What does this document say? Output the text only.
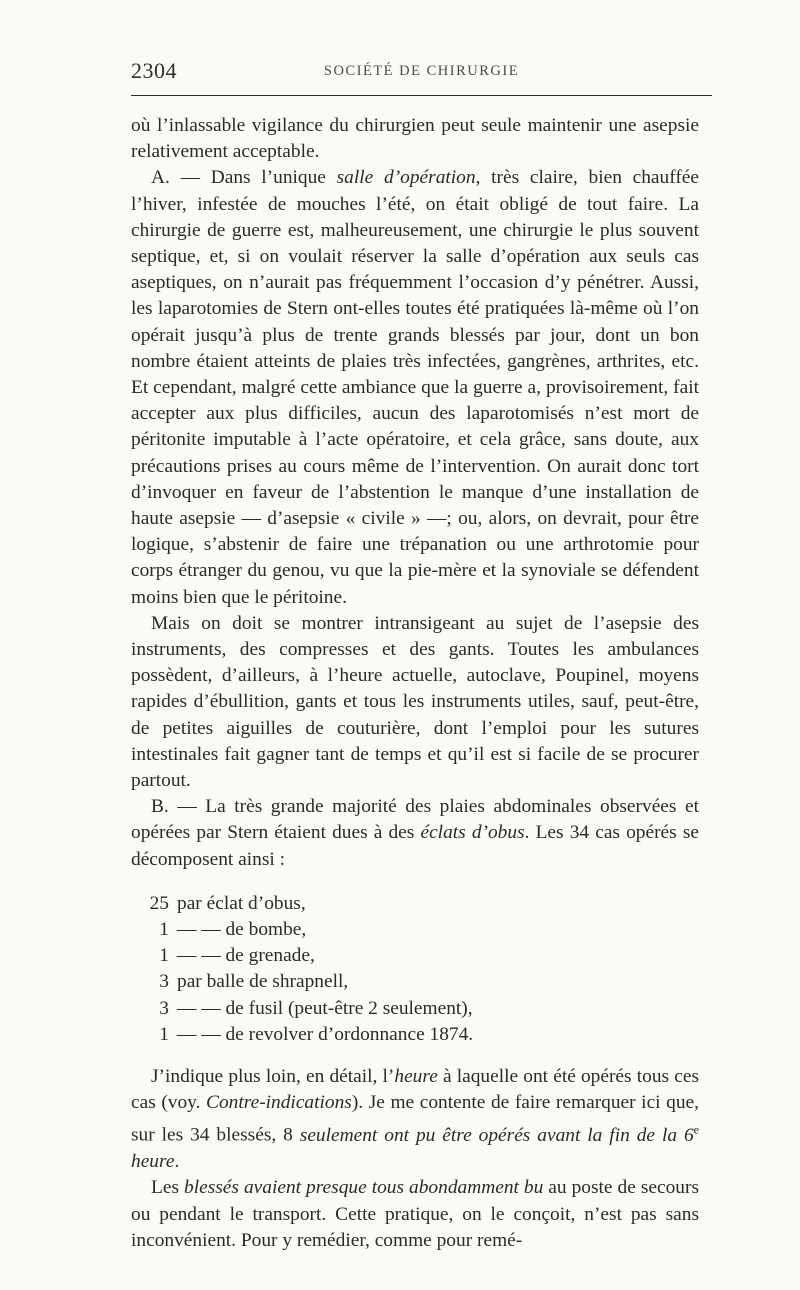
2304	SOCIÉTÉ DE CHIRURGIE

où l’inlassable vigilance du chirurgien peut seule maintenir une asepsie relativement acceptable.

A. — Dans l’unique salle d’opération, très claire, bien chauffée l’hiver, infestée de mouches l’été, on était obligé de tout faire. La chirurgie de guerre est, malheureusement, une chirurgie le plus souvent septique, et, si on voulait réserver la salle d’opération aux seuls cas aseptiques, on n’aurait pas fréquemment l’occasion d’y pénétrer. Aussi, les laparotomies de Stern ont-elles toutes été pratiquées là-même où l’on opérait jusqu’à plus de trente grands blessés par jour, dont un bon nombre étaient atteints de plaies très infectées, gangrènes, arthrites, etc. Et cependant, malgré cette ambiance que la guerre a, provisoirement, fait accepter aux plus difficiles, aucun des laparotomisés n’est mort de péritonite imputable à l’acte opératoire, et cela grâce, sans doute, aux précautions prises au cours même de l’intervention. On aurait donc tort d’invoquer en faveur de l’abstention le manque d’une installation de haute asepsie — d’asepsie « civile » —; ou, alors, on devrait, pour être logique, s’abstenir de faire une trépanation ou une arthrotomie pour corps étranger du genou, vu que la pie-mère et la synoviale se défendent moins bien que le péritoine.

Mais on doit se montrer intransigeant au sujet de l’asepsie des instruments, des compresses et des gants. Toutes les ambulances possèdent, d’ailleurs, à l’heure actuelle, autoclave, Poupinel, moyens rapides d’ébullition, gants et tous les instruments utiles, sauf, peut-être, de petites aiguilles de couturière, dont l’emploi pour les sutures intestinales fait gagner tant de temps et qu’il est si facile de se procurer partout.

B. — La très grande majorité des plaies abdominales observées et opérées par Stern étaient dues à des éclats d’obus. Les 34 cas opérés se décomposent ainsi :

25 par éclat d’obus,
1 — — de bombe,
1 — — de grenade,
3 par balle de shrapnell,
3 — — de fusil (peut-être 2 seulement),
1 — — de revolver d’ordonnance 1874.

J’indique plus loin, en détail, l’heure à laquelle ont été opérés tous ces cas (voy. Contre-indications). Je me contente de faire remarquer ici que, sur les 34 blessés, 8 seulement ont pu être opérés avant la fin de la 6e heure.

Les blessés avaient presque tous abondamment bu au poste de secours ou pendant le transport. Cette pratique, on le conçoit, n’est pas sans inconvénient. Pour y remédier, comme pour remé-
